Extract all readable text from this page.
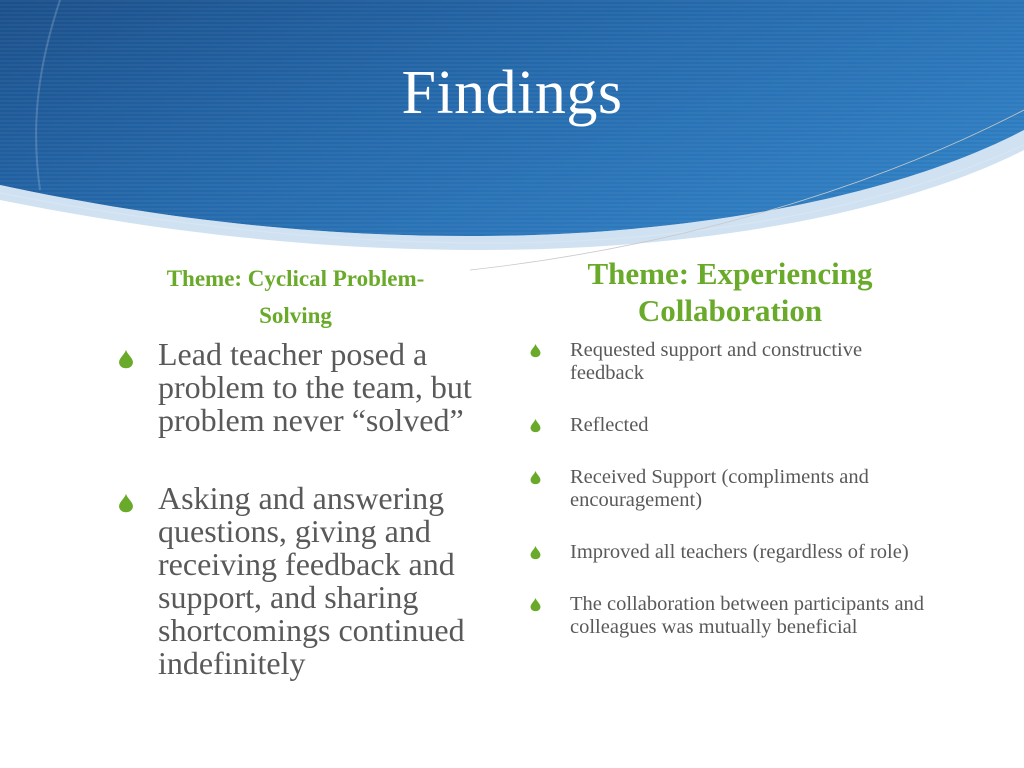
Findings
Theme: Cyclical Problem-
Solving
Theme: Experiencing
Collaboration
Lead teacher posed a problem to the team, but problem never “solved”
Asking and answering questions, giving and receiving feedback and support, and sharing shortcomings continued indefinitely
Requested support and constructive feedback
Reflected
Received Support (compliments and encouragement)
Improved all teachers (regardless of role)
The collaboration between participants and colleagues was mutually beneficial
